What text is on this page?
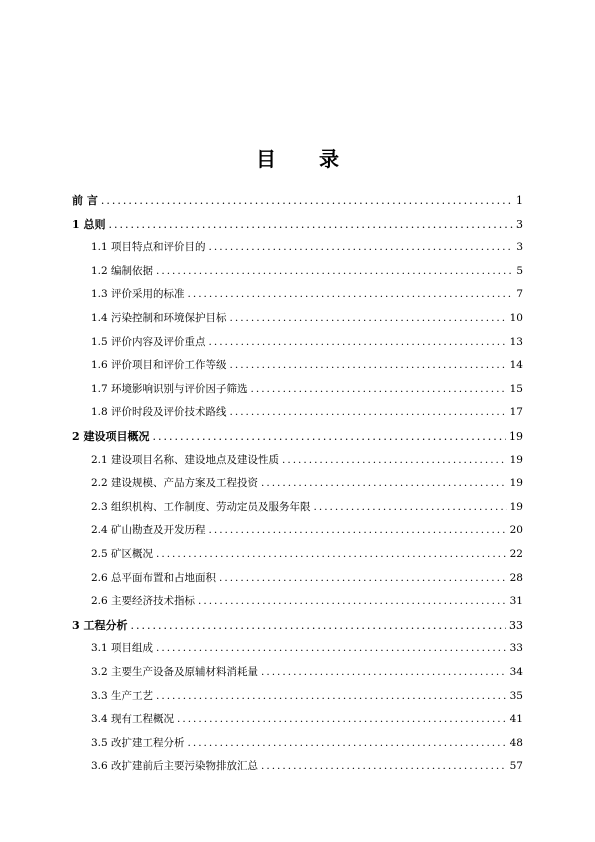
目 录
前 言 .....	1
1 总则 .....	3
1.1 项目特点和评价目的 .....	3
1.2 编制依据 .....	5
1.3 评价采用的标准 .....	7
1.4 污染控制和环境保护目标 .....	10
1.5 评价内容及评价重点 .....	13
1.6 评价项目和评价工作等级 .....	14
1.7 环境影响识别与评价因子筛选 .....	15
1.8 评价时段及评价技术路线 .....	17
2 建设项目概况 .....	19
2.1 建设项目名称、建设地点及建设性质 .....	19
2.2 建设规模、产品方案及工程投资 .....	19
2.3 组织机构、工作制度、劳动定员及服务年限 .....	19
2.4 矿山勘查及开发历程 .....	20
2.5 矿区概况 .....	22
2.6 总平面布置和占地面积 .....	28
2.6 主要经济技术指标 .....	31
3 工程分析 .....	33
3.1 项目组成 .....	33
3.2 主要生产设备及原辅材料消耗量 .....	34
3.3 生产工艺 .....	35
3.4 现有工程概况 .....	41
3.5 改扩建工程分析 .....	48
3.6 改扩建前后主要污染物排放汇总 .....	57
